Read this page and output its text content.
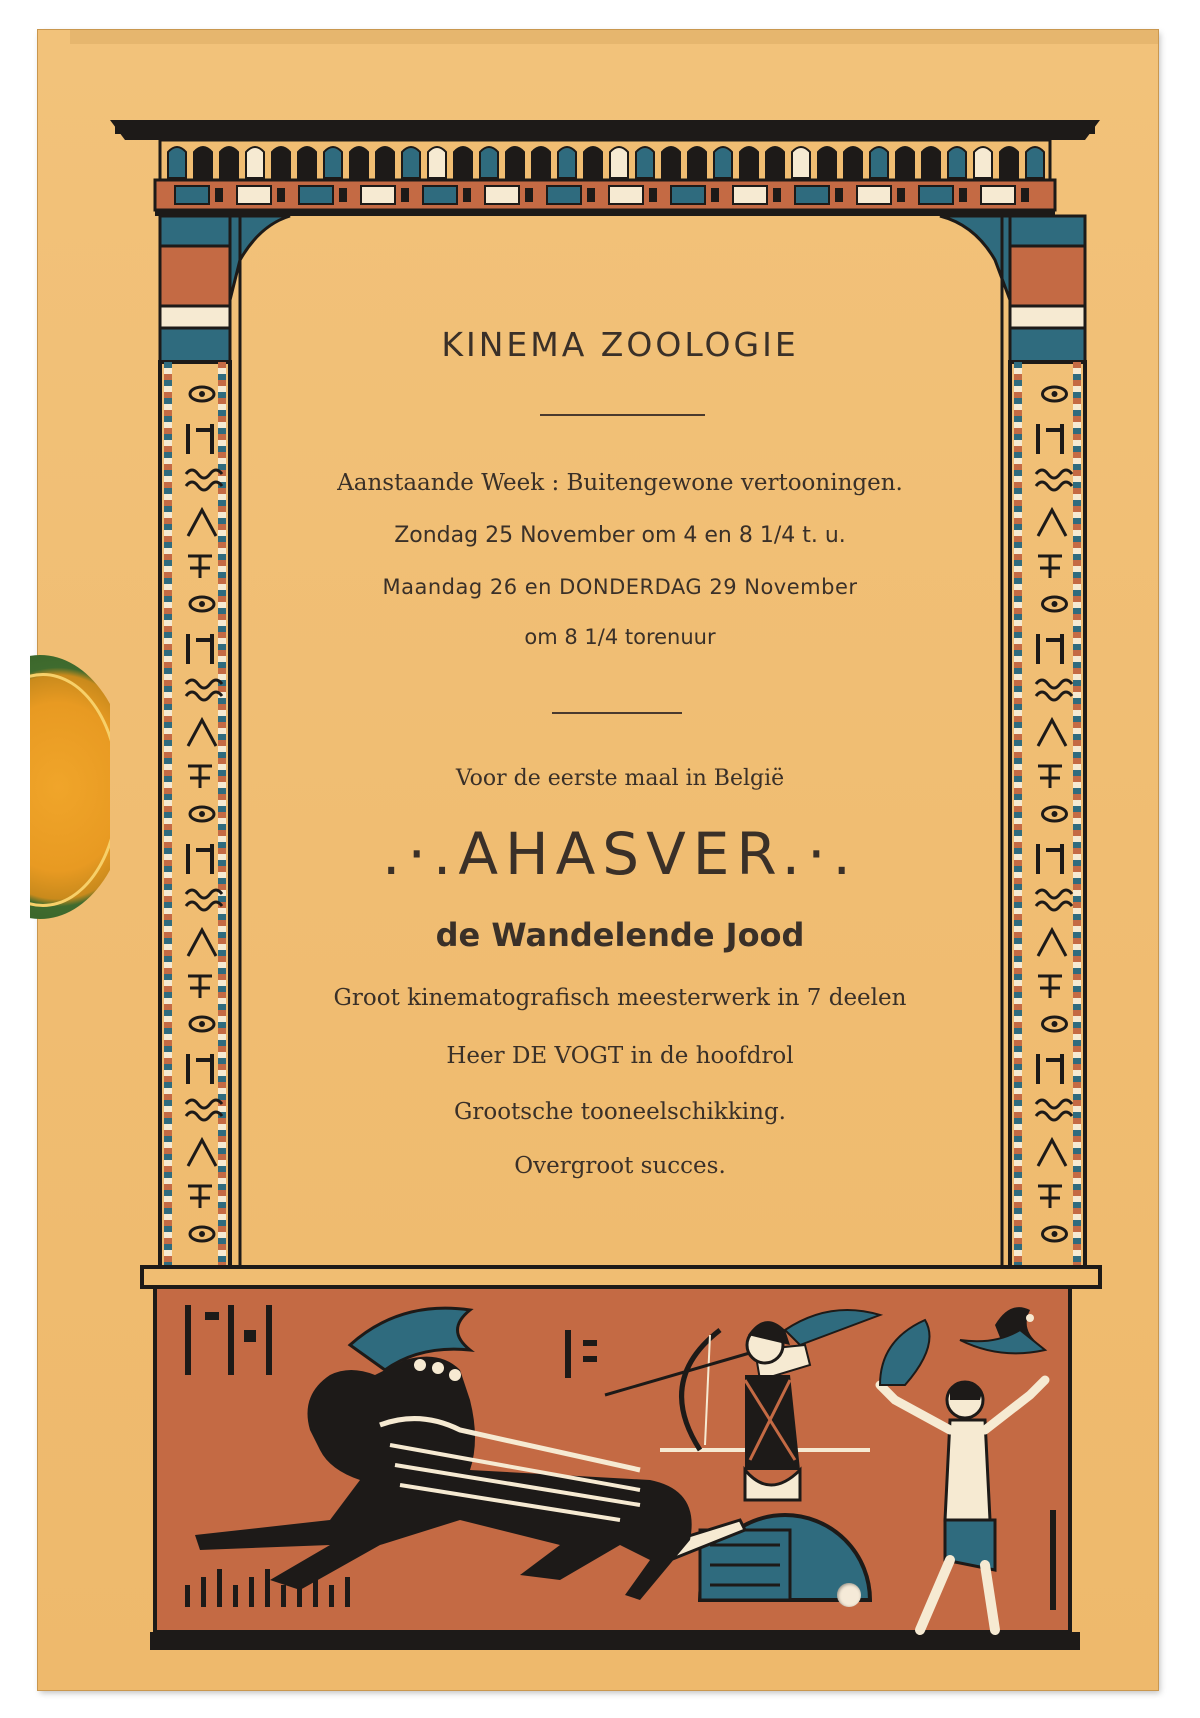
KINEMA ZOOLOGIE
Aanstaande Week : Buitengewone vertooningen.
Zondag 25 November om 4 en 8 1/4 t. u.
Maandag 26 en DONDERDAG 29 November
om 8 1/4 torenuur
Voor de eerste maal in België
.·.AHASVER.·.
de Wandelende Jood
Groot kinematografisch meesterwerk in 7 deelen
Heer DE VOGT in de hoofdrol
Grootsche tooneelschikking.
Overgroot succes.
